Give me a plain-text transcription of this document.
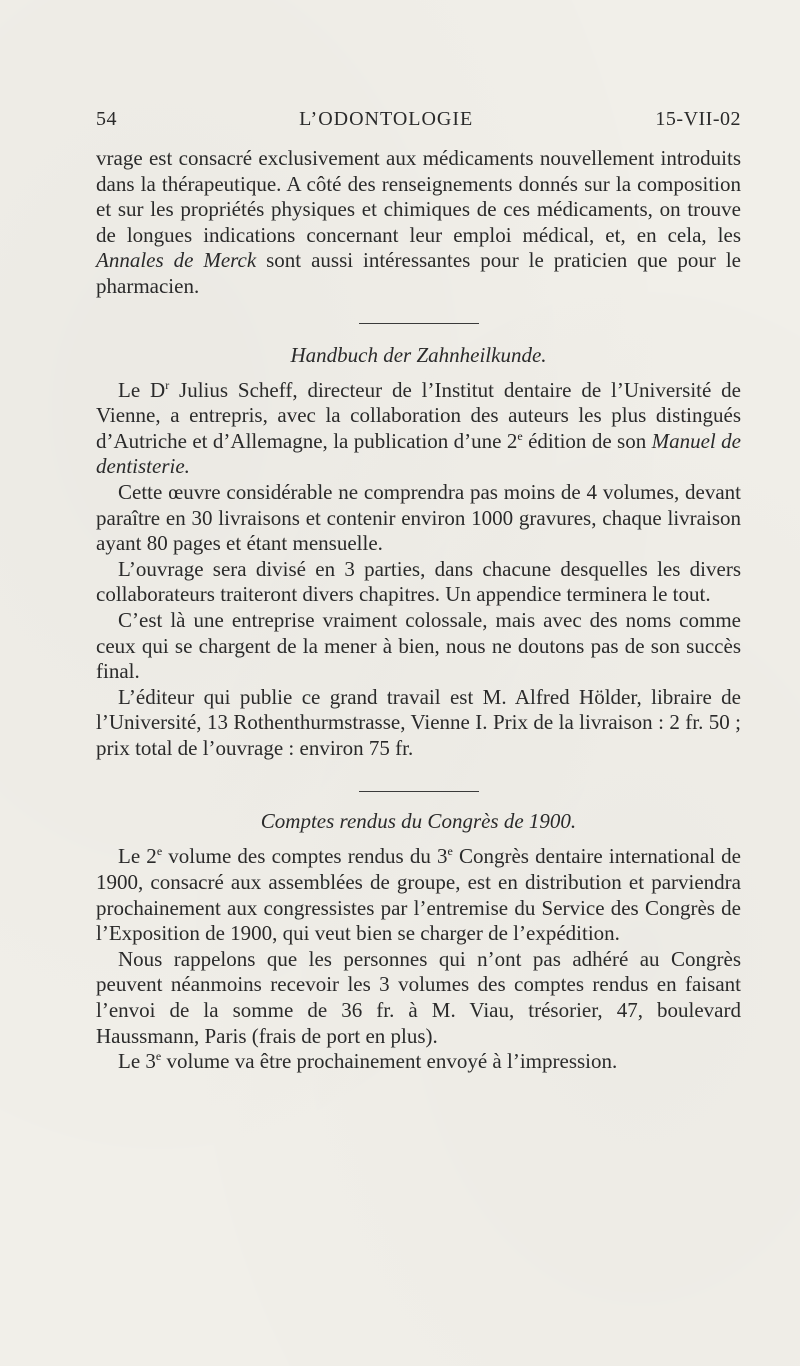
54	L’ODONTOLOGIE	15-VII-02

vrage est consacré exclusivement aux médicaments nouvellement introduits dans la thérapeutique. A côté des renseignements donnés sur la composition et sur les propriétés physiques et chimiques de ces médicaments, on trouve de longues indications concernant leur emploi médical, et, en cela, les Annales de Merck sont aussi intéressantes pour le praticien que pour le pharmacien.

Handbuch der Zahnheilkunde.

Le $D^r$ Julius Scheff, directeur de l’Institut dentaire de l’Université de Vienne, a entrepris, avec la collaboration des auteurs les plus distingués d’Autriche et d’Allemagne, la publication d’une 2e édition de son Manuel de dentisterie.

Cette œuvre considérable ne comprendra pas moins de 4 volumes, devant paraître en 30 livraisons et contenir environ 1000 gravures, chaque livraison ayant 80 pages et étant mensuelle.

L’ouvrage sera divisé en 3 parties, dans chacune desquelles les divers collaborateurs traiteront divers chapitres. Un appendice terminera le tout.

C’est là une entreprise vraiment colossale, mais avec des noms comme ceux qui se chargent de la mener à bien, nous ne doutons pas de son succès final.

L’éditeur qui publie ce grand travail est M. Alfred Hölder, libraire de l’Université, 13 Rothenthurmstrasse, Vienne I. Prix de la livraison : 2 fr. 50 ; prix total de l’ouvrage : environ 75 fr.

Comptes rendus du Congrès de 1900.

Le 2e volume des comptes rendus du 3e Congrès dentaire international de 1900, consacré aux assemblées de groupe, est en distribution et parviendra prochainement aux congressistes par l’entremise du Service des Congrès de l’Exposition de 1900, qui veut bien se charger de l’expédition.

Nous rappelons que les personnes qui n’ont pas adhéré au Congrès peuvent néanmoins recevoir les 3 volumes des comptes rendus en faisant l’envoi de la somme de 36 fr. à M. Viau, trésorier, 47, boulevard Haussmann, Paris (frais de port en plus).

Le 3e volume va être prochainement envoyé à l’impression.
